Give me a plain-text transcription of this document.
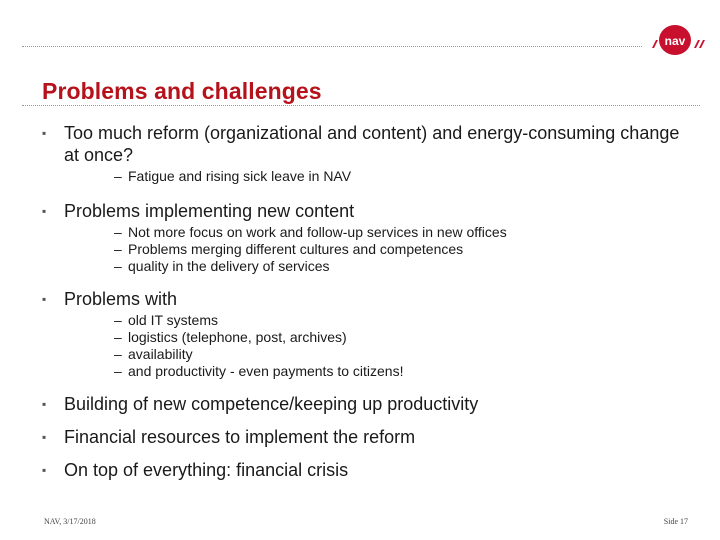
nav
Problems and challenges
▪ Too much reform (organizational and content) and energy-consuming change at once?
– Fatigue and rising sick leave in NAV
▪ Problems implementing new content
– Not more focus on work and follow-up services in new offices
– Problems merging different cultures and competences
– quality in the delivery of services
▪ Problems with
– old IT systems
– logistics (telephone, post, archives)
– availability
– and productivity - even payments to citizens!
▪ Building of new competence/keeping up productivity
▪ Financial resources to implement the reform
▪ On top of everything: financial crisis
NAV, 3/17/2018	Side 17
